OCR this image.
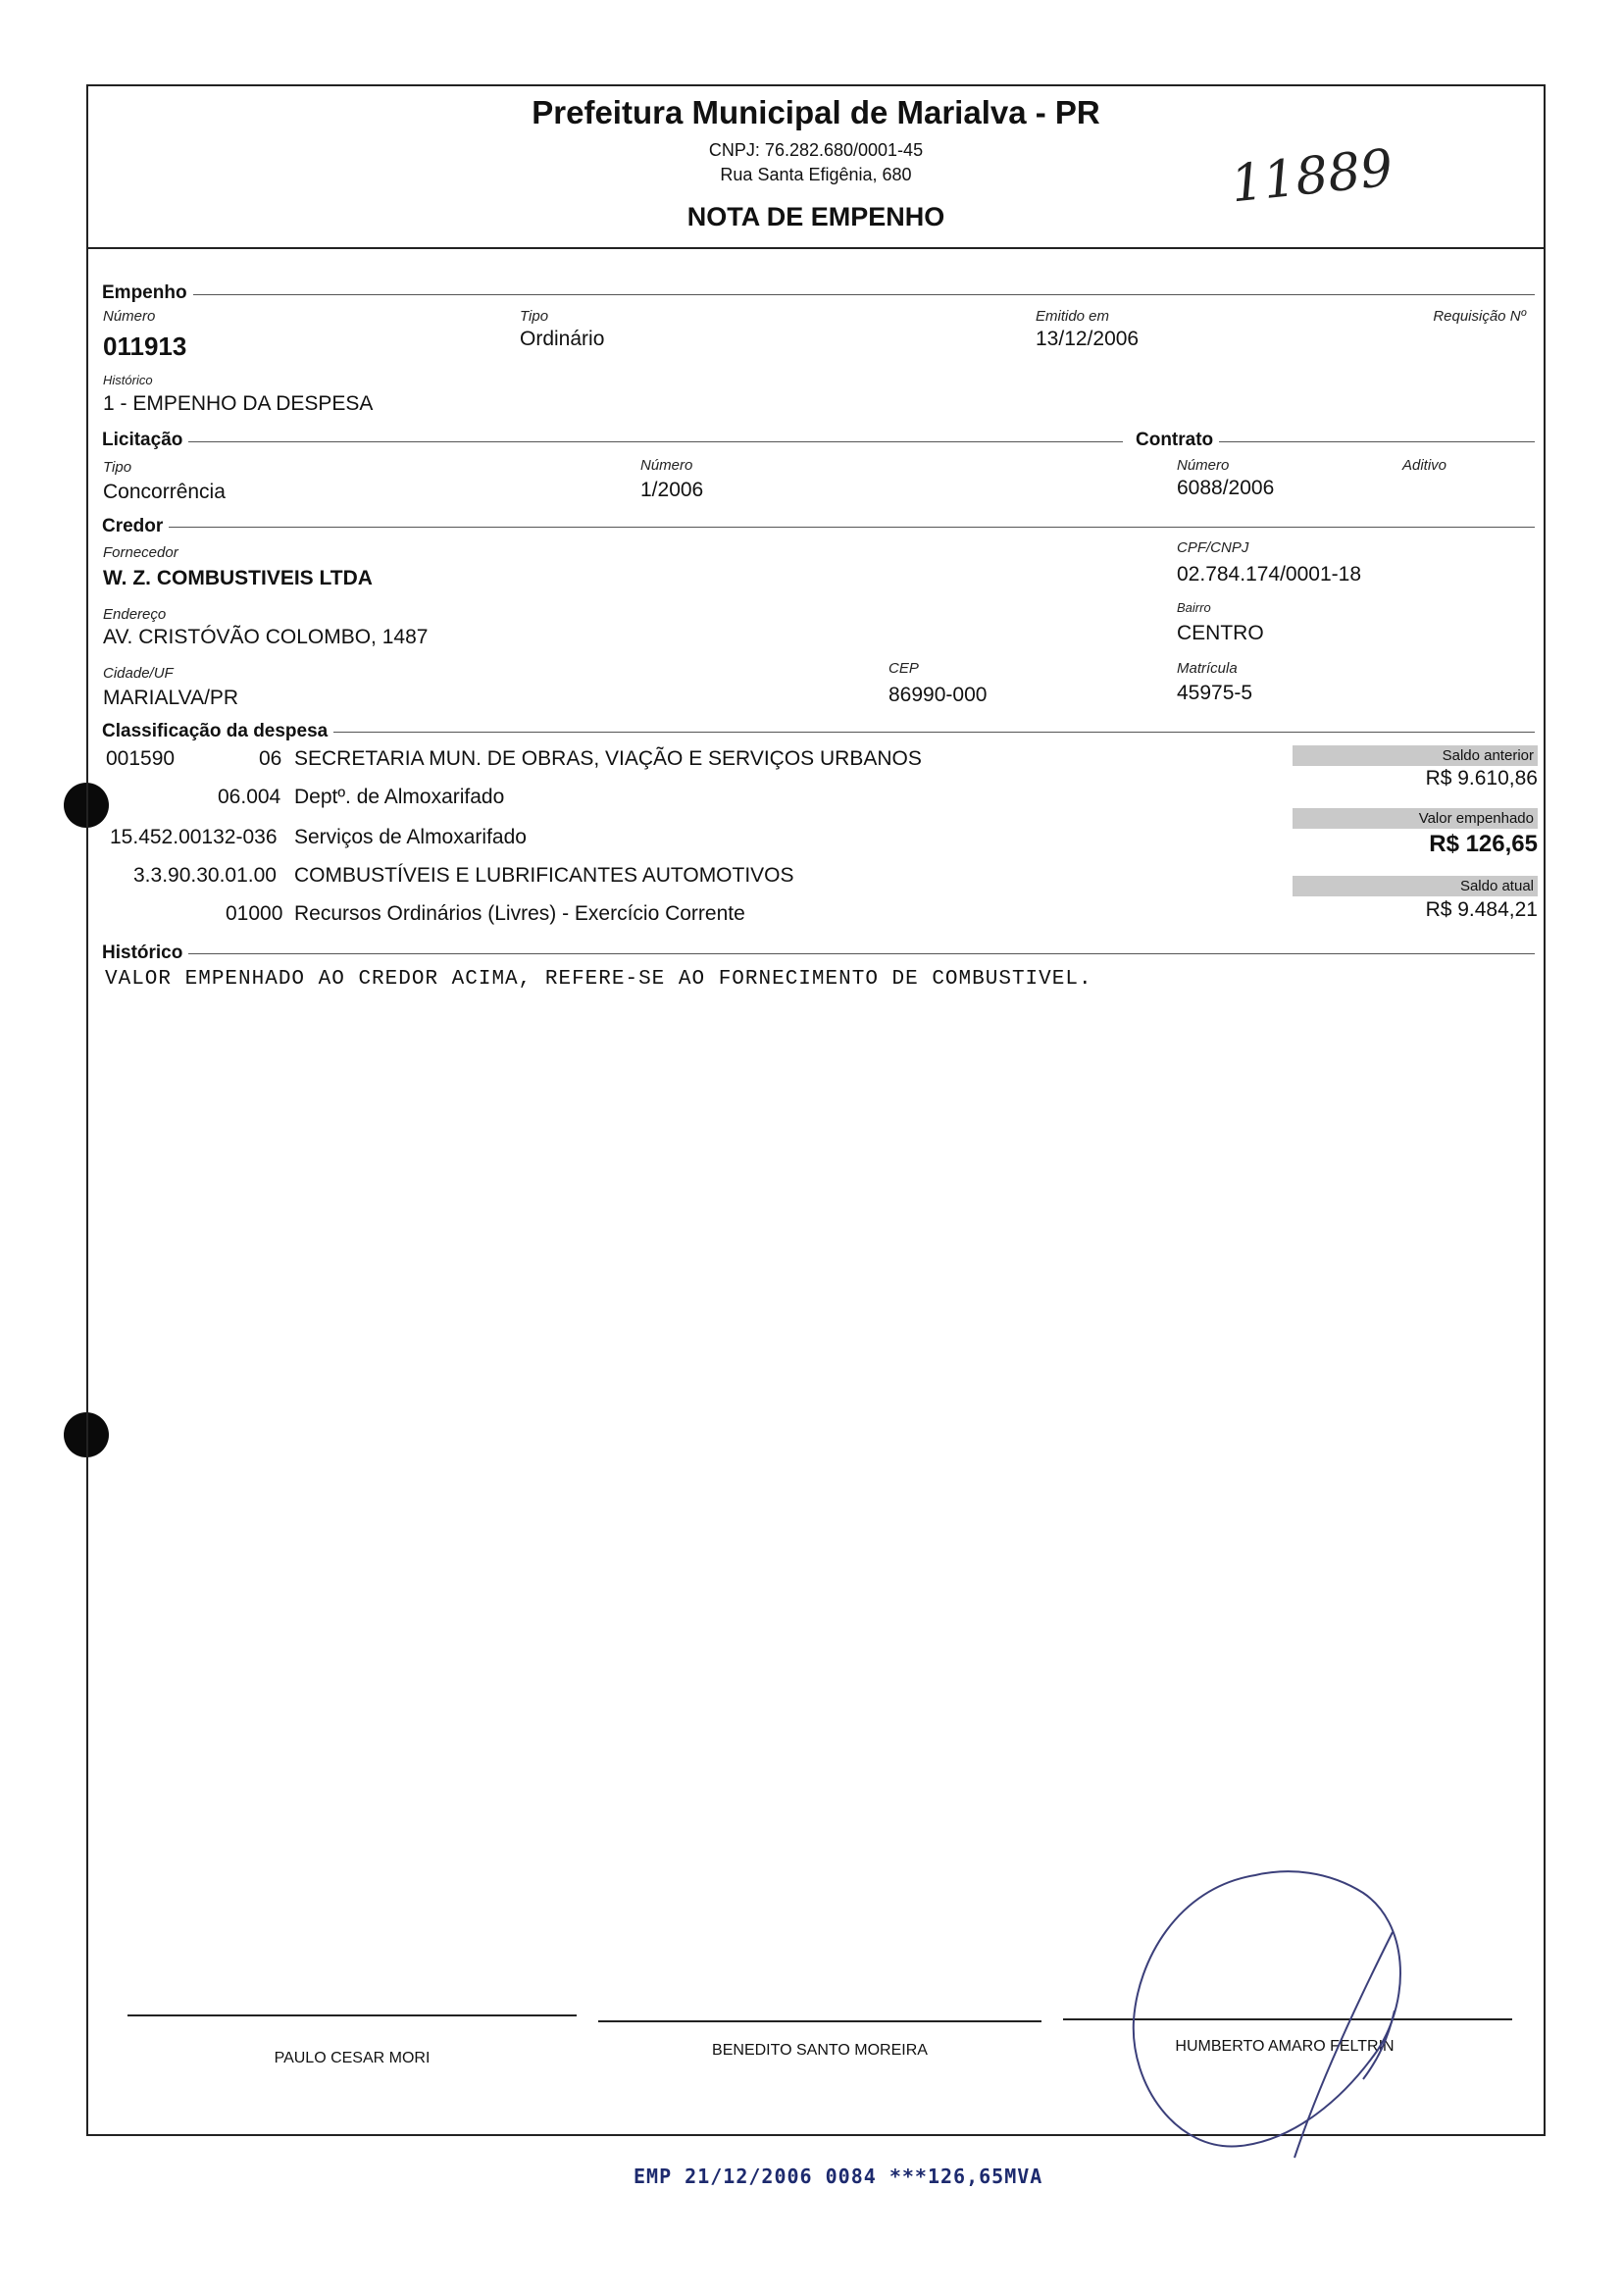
Prefeitura Municipal de Marialva - PR
CNPJ: 76.282.680/0001-45
Rua Santa Efigênia, 680
NOTA DE EMPENHO
11889
Empenho
Número
011913
Tipo
Ordinário
Emitido em
13/12/2006
Requisição Nº
Histórico
1 - EMPENHO DA DESPESA
Licitação	Contrato
Tipo
Concorrência
Número
1/2006
Número
6088/2006
Aditivo
Credor
Fornecedor
W. Z. COMBUSTIVEIS LTDA
CPF/CNPJ
02.784.174/0001-18
Endereço
AV. CRISTÓVÃO COLOMBO, 1487
Bairro
CENTRO
Cidade/UF
MARIALVA/PR
CEP
86990-000
Matrícula
45975-5
Classificação da despesa
001590	06 SECRETARIA MUN. DE OBRAS, VIAÇÃO E SERVIÇOS URBANOS
06.004 Deptº. de Almoxarifado
15.452.00132-036 Serviços de Almoxarifado
3.3.90.30.01.00 COMBUSTÍVEIS E LUBRIFICANTES AUTOMOTIVOS
01000 Recursos Ordinários (Livres) - Exercício Corrente
Saldo anterior
R$ 9.610,86
Valor empenhado
R$ 126,65
Saldo atual
R$ 9.484,21
Histórico
VALOR EMPENHADO AO CREDOR ACIMA, REFERE-SE AO FORNECIMENTO DE COMBUSTIVEL.
PAULO CESAR MORI	BENEDITO SANTO MOREIRA	HUMBERTO AMARO FELTRIN
EMP 21/12/2006 0084 ***126,65MVA
